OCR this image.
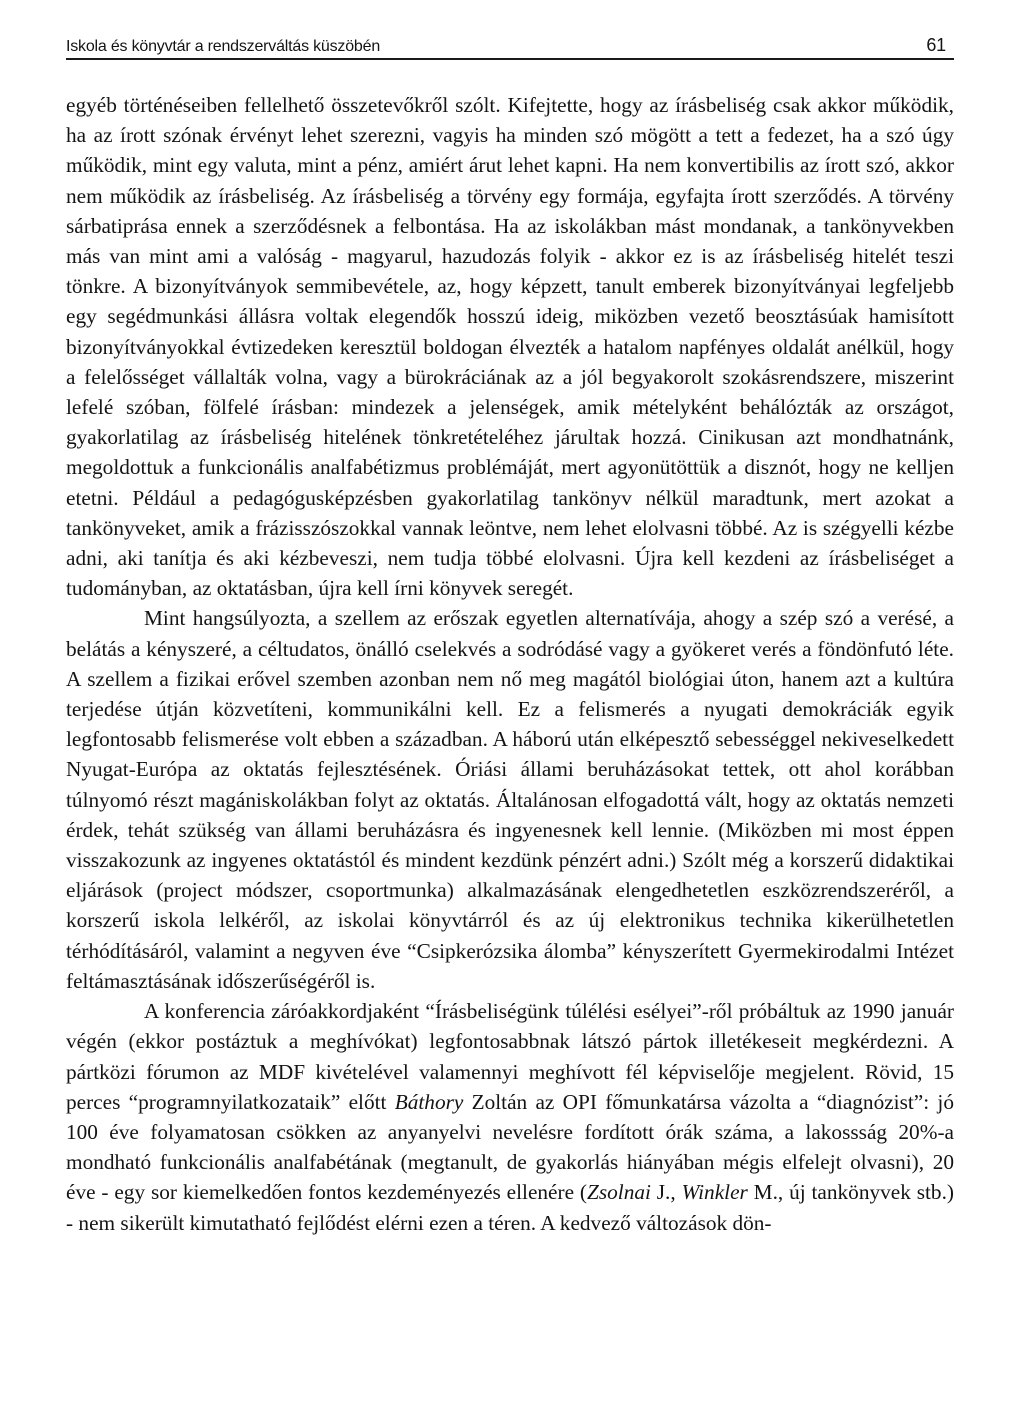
Iskola és könyvtár a rendszerváltás küszöbén	61

egyéb történéseiben fellelhető összetevőkről szólt. Kifejtette, hogy az írásbeliség csak akkor működik, ha az írott szónak érvényt lehet szerezni, vagyis ha minden szó mögött a tett a fedezet, ha a szó úgy működik, mint egy valuta, mint a pénz, amiért árut lehet kapni. Ha nem konvertibilis az írott szó, akkor nem működik az írásbeliség. Az írásbeliség a törvény egy formája, egyfajta írott szerződés. A törvény sárbatiprása ennek a szerződésnek a felbontása. Ha az iskolákban mást mondanak, a tankönyvekben más van mint ami a valóság - magyarul, hazudozás folyik - akkor ez is az írásbeliség hitelét teszi tönkre. A bizonyítványok semmibevétele, az, hogy képzett, tanult emberek bizonyítványai legfeljebb egy segédmunkási állásra voltak elegendők hosszú ideig, miközben vezető beosztásúak hamisított bizonyítványokkal évtizedeken keresztül boldogan élvezték a hatalom napfényes oldalát anélkül, hogy a felelősséget vállalták volna, vagy a bürokráciának az a jól begyakorolt szokásrendszere, miszerint lefelé szóban, fölfelé írásban: mindezek a jelenségek, amik mételyként behálózták az országot, gyakorlatilag az írásbeliség hitelének tönkretételéhez járultak hozzá. Cinikusan azt mondhatnánk, megoldottuk a funkcionális analfabétizmus problémáját, mert agyonütöttük a disznót, hogy ne kelljen etetni. Például a pedagógusképzésben gyakorlatilag tankönyv nélkül maradtunk, mert azokat a tankönyveket, amik a frázisszószokkal vannak leöntve, nem lehet elolvasni többé. Az is szégyelli kézbe adni, aki tanítja és aki kézbeveszi, nem tudja többé elolvasni. Újra kell kezdeni az írásbeliséget a tudományban, az oktatásban, újra kell írni könyvek seregét.

Mint hangsúlyozta, a szellem az erőszak egyetlen alternatívája, ahogy a szép szó a verésé, a belátás a kényszeré, a céltudatos, önálló cselekvés a sodródásé vagy a gyökeret verés a föndönfutó léte. A szellem a fizikai erővel szemben azonban nem nő meg magától biológiai úton, hanem azt a kultúra terjedése útján közvetíteni, kommunikálni kell. Ez a felismerés a nyugati demokráciák egyik legfontosabb felismerése volt ebben a században. A háború után elképesztő sebességgel nekiveselkedett Nyugat-Európa az oktatás fejlesztésének. Óriási állami beruházásokat tettek, ott ahol korábban túlnyomó részt magániskolákban folyt az oktatás. Általánosan elfogadottá vált, hogy az oktatás nemzeti érdek, tehát szükség van állami beruházásra és ingyenesnek kell lennie. (Miközben mi most éppen visszakozunk az ingyenes oktatástól és mindent kezdünk pénzért adni.) Szólt még a korszerű didaktikai eljárások (project módszer, csoportmunka) alkalmazásának elengedhetetlen eszközrendszeréről, a korszerű iskola lelkéről, az iskolai könyvtárról és az új elektronikus technika kikerülhetetlen térhódításáról, valamint a negyven éve “Csipkerózsika álomba” kényszerített Gyermekirodalmi Intézet feltámasztásának időszerűségéről is.

A konferencia záróakkordjaként “Írásbeliségünk túlélési esélyei”-ről próbáltuk az 1990 január végén (ekkor postáztuk a meghívókat) legfontosabbnak látszó pártok illetékeseit megkérdezni. A pártközi fórumon az MDF kivételével valamennyi meghívott fél képviselője megjelent. Rövid, 15 perces “programnyilatkozataik” előtt Báthory Zoltán az OPI főmunkatársa vázolta a “diagnózist”: jó 100 éve folyamatosan csökken az anyanyelvi nevelésre fordított órák száma, a lakossság 20%-a mondható funkcionális analfabétának (megtanult, de gyakorlás hiányában mégis elfelejt olvasni), 20 éve - egy sor kiemelkedően fontos kezdeményezés ellenére (Zsolnai J., Winkler M., új tankönyvek stb.) - nem sikerült kimutatható fejlődést elérni ezen a téren. A kedvező változások dön-
